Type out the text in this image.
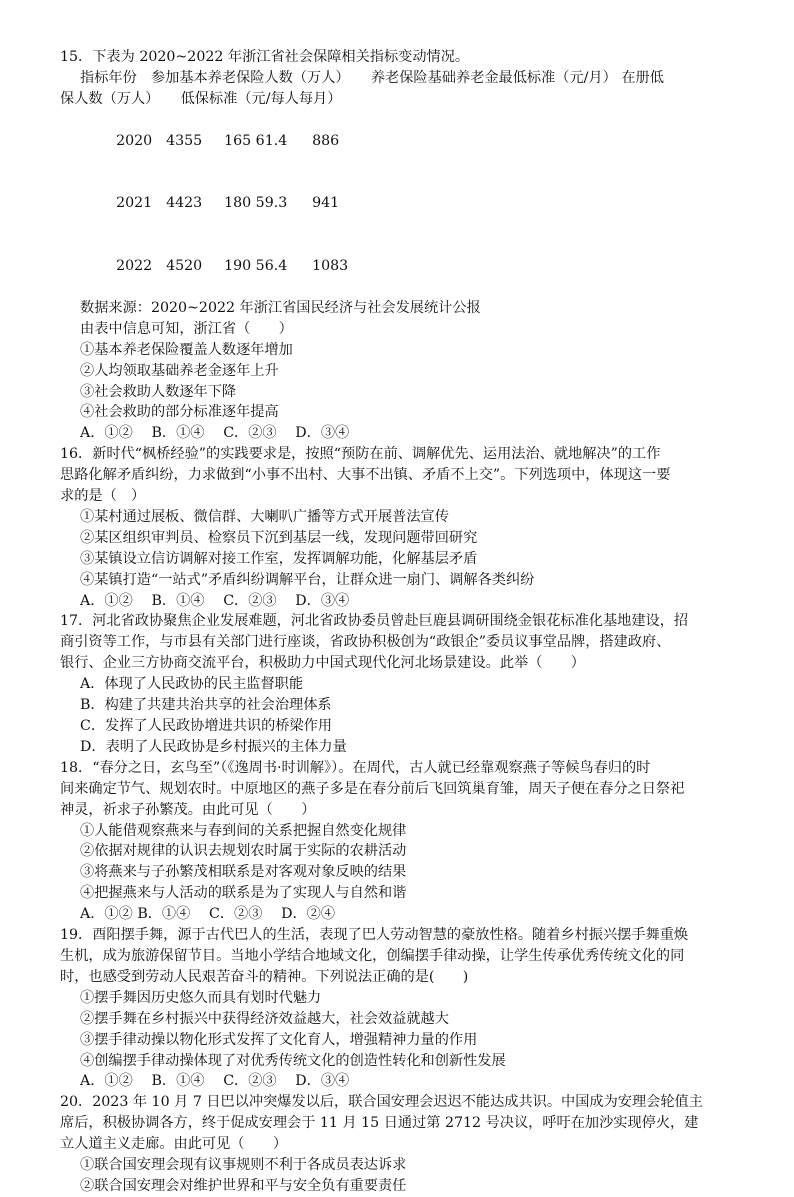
15．下表为 2020~2022 年浙江省社会保障相关指标变动情况。
指标年份　参加基本养老保险人数（万人）　　养老保险基础养老金最低标准（元/月） 在册低
保人数（万人）　　低保标准（元/每人每月）

2020 4355 165 61.4 886

2021 4423 180 59.3 941

2022 4520 190 56.4 1083

数据来源：2020~2022 年浙江省国民经济与社会发展统计公报
由表中信息可知，浙江省（　　）
①基本养老保险覆盖人数逐年增加
②人均领取基础养老金逐年上升
③社会救助人数逐年下降
④社会救助的部分标准逐年提高
A．①②　 B．①④　 C．②③　 D．③④
16．新时代“枫桥经验”的实践要求是，按照“预防在前、调解优先、运用法治、就地解决”的工作
思路化解矛盾纠纷，力求做到“小事不出村、大事不出镇、矛盾不上交”。下列选项中，体现这一要
求的是（　）
①某村通过展板、微信群、大喇叭广播等方式开展普法宣传
②某区组织审判员、检察员下沉到基层一线，发现问题带回研究
③某镇设立信访调解对接工作室，发挥调解功能，化解基层矛盾
④某镇打造“一站式”矛盾纠纷调解平台，让群众进一扇门、调解各类纠纷
A．①②　 B．①④　 C．②③　 D．③④
17．河北省政协聚焦企业发展难题，河北省政协委员曾赴巨鹿县调研围绕金银花标准化基地建设，招
商引资等工作，与市县有关部门进行座谈，省政协积极创为“政银企”委员议事堂品牌，搭建政府、
银行、企业三方协商交流平台，积极助力中国式现代化河北场景建设。此举（　　）
A．体现了人民政协的民主监督职能
B．构建了共建共治共享的社会治理体系
C．发挥了人民政协增进共识的桥梁作用
D．表明了人民政协是乡村振兴的主体力量
18．“春分之日，玄鸟至”（《逸周书·时训解》）。在周代，古人就已经靠观察燕子等候鸟春归的时
间来确定节气、规划农时。中原地区的燕子多是在春分前后飞回筑巢育雏，周天子便在春分之日祭祀
神灵，祈求子孙繁茂。由此可见（　　）
①人能借观察燕来与春到间的关系把握自然变化规律
②依据对规律的认识去规划农时属于实际的农耕活动
③将燕来与子孙繁茂相联系是对客观对象反映的结果
④把握燕来与人活动的联系是为了实现人与自然和谐
A．①② B．①④　 C．②③　 D．②④
19．酉阳摆手舞，源于古代巴人的生活，表现了巴人劳动智慧的豪放性格。随着乡村振兴摆手舞重焕
生机，成为旅游保留节目。当地小学结合地域文化，创编摆手律动操，让学生传承优秀传统文化的同
时，也感受到劳动人民艰苦奋斗的精神。下列说法正确的是(　　)
①摆手舞因历史悠久而具有划时代魅力
②摆手舞在乡村振兴中获得经济效益越大，社会效益就越大
③摆手律动操以物化形式发挥了文化育人，增强精神力量的作用
④创编摆手律动操体现了对优秀传统文化的创造性转化和创新性发展
A．①②　 B．①④　 C．②③　 D．③④
20．2023 年 10 月 7 日巴以冲突爆发以后，联合国安理会迟迟不能达成共识。中国成为安理会轮值主
席后，积极协调各方，终于促成安理会于 11 月 15 日通过第 2712 号决议，呼吁在加沙实现停火，建
立人道主义走廊。由此可见（　　）
①联合国安理会现有议事规则不利于各成员表达诉求
②联合国安理会对维护世界和平与安全负有重要责任
